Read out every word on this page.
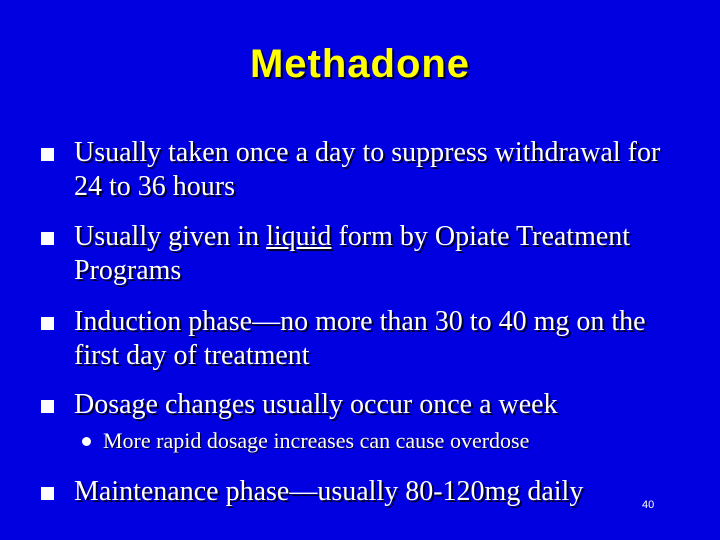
Methadone
Usually taken once a day to suppress withdrawal for 24 to 36 hours
Usually given in liquid form by Opiate Treatment Programs
Induction phase—no more than 30 to 40 mg on the first day of treatment
Dosage changes usually occur once a week
More rapid dosage increases can cause overdose
Maintenance phase—usually 80-120mg daily	40
